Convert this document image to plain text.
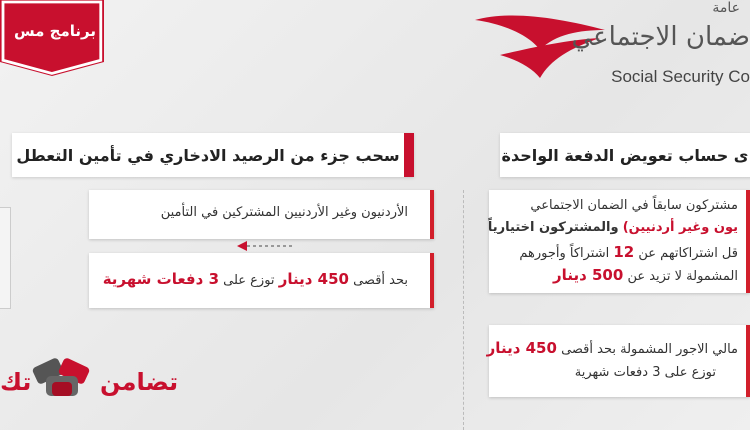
برنامج مس
عامة
ضمان الاجتماعي
Social Security Co
سحب جزء من الرصيد الادخاري في تأمين التعطل	ى حساب تعويض الدفعة الواحدة
الأردنيون وغير الأردنيين المشتركين في التأمين
بحد أقصى 450 دينار توزع على 3 دفعات شهرية
مشتركون سابقاً في الضمان الاجتماعي
يون وغير أردنيين) والمشتركون اختيارياً
قل اشتراكاتهم عن 12 اشتراكاً وأجورهم
المشمولة لا تزيد عن 500 دينار
مالي الاجور المشمولة بحد أقصى 450 دينار
توزع على 3 دفعات شهرية
تضامن
تك
